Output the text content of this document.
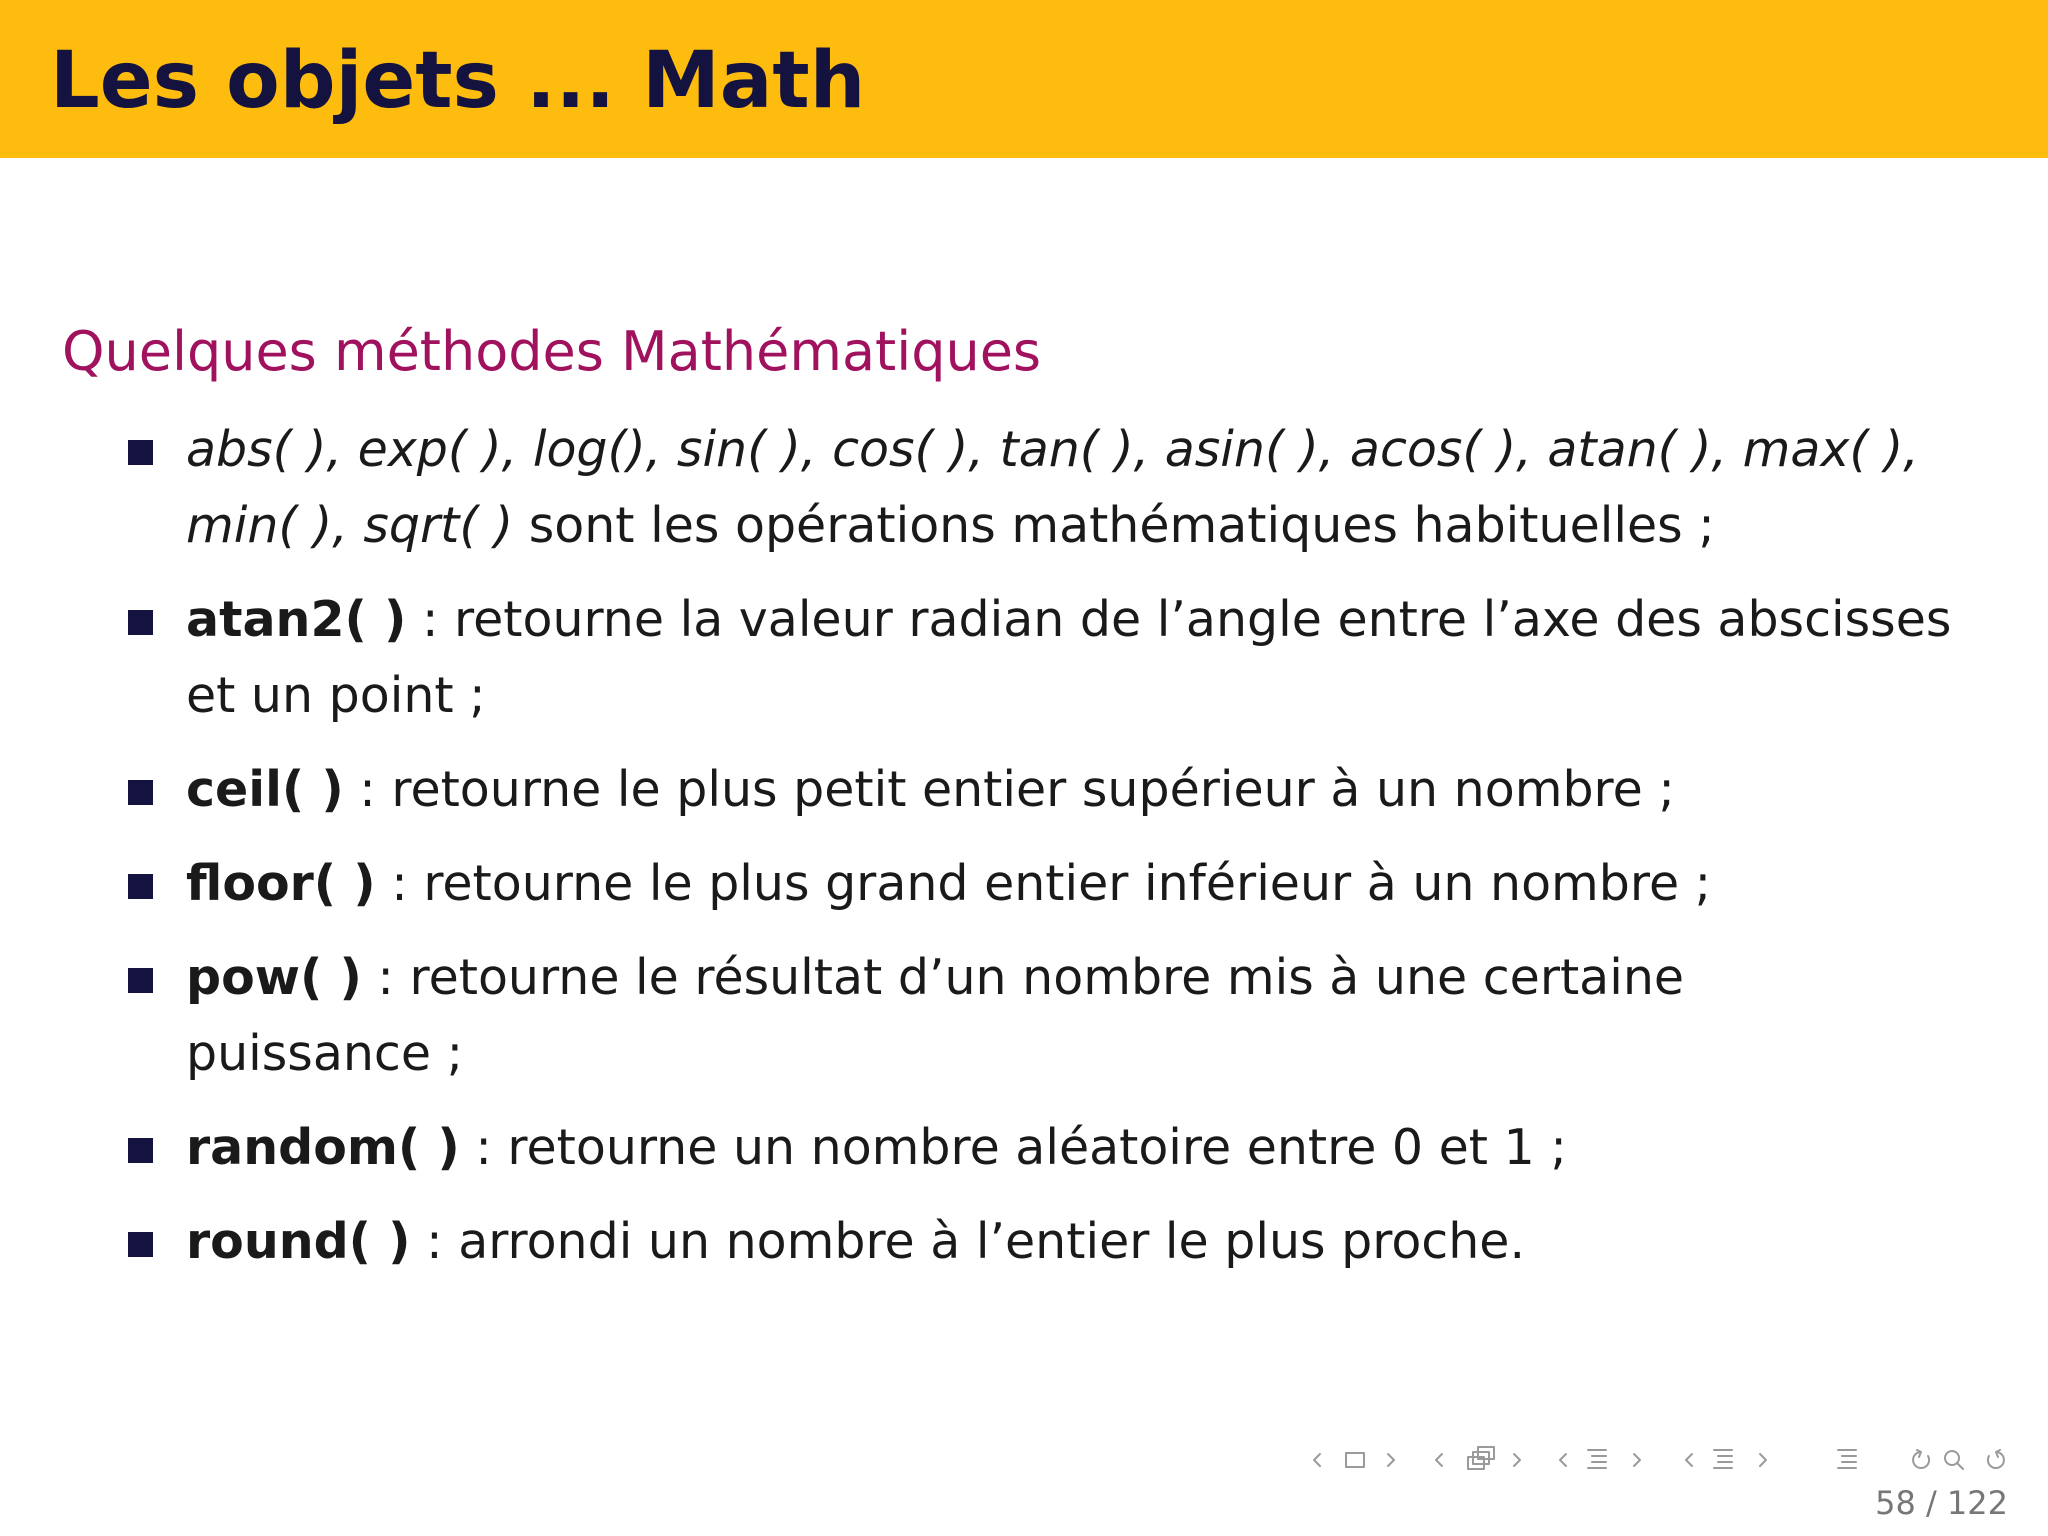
Les objets ... Math
Quelques méthodes Mathématiques
abs( ), exp( ), log(), sin( ), cos( ), tan( ), asin( ), acos( ), atan( ), max( ), min( ), sqrt( ) sont les opérations mathématiques habituelles ;
atan2( ) : retourne la valeur radian de l’angle entre l’axe des abscisses et un point ;
ceil( ) : retourne le plus petit entier supérieur à un nombre ;
floor( ) : retourne le plus grand entier inférieur à un nombre ;
pow( ) : retourne le résultat d’un nombre mis à une certaine puissance ;
random( ) : retourne un nombre aléatoire entre 0 et 1 ;
round( ) : arrondi un nombre à l’entier le plus proche.

58 / 122
